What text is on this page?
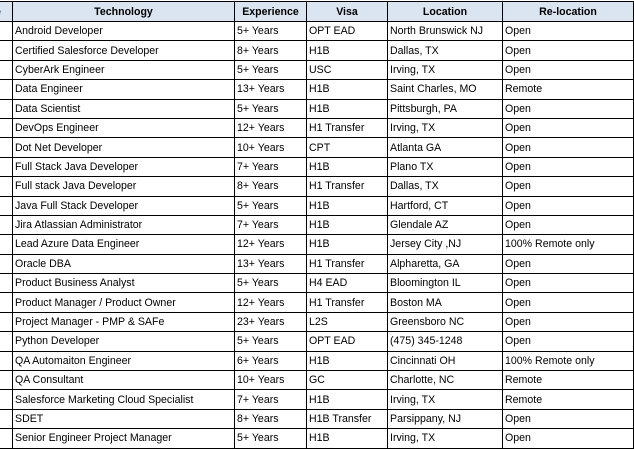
	Technology	Experience	Visa	Location	Re-location
	Android Developer	5+ Years	OPT EAD	North Brunswick NJ	Open
	Certified Salesforce Developer	8+ Years	H1B	Dallas, TX	Open
	CyberArk Engineer	5+ Years	USC	Irving, TX	Open
	Data Engineer	13+ Years	H1B	Saint Charles, MO	Remote
	Data Scientist	5+ Years	H1B	Pittsburgh, PA	Open
	DevOps Engineer	12+ Years	H1 Transfer	Irving, TX	Open
	Dot Net Developer	10+ Years	CPT	Atlanta GA	Open
	Full Stack Java Developer	7+ Years	H1B	Plano TX	Open
	Full stack Java Developer	8+ Years	H1 Transfer	Dallas, TX	Open
	Java Full Stack Developer	5+ Years	H1B	Hartford, CT	Open
	Jira Atlassian Administrator	7+ Years	H1B	Glendale AZ	Open
	Lead Azure Data Engineer	12+ Years	H1B	Jersey City ,NJ	100% Remote only
	Oracle DBA	13+ Years	H1 Transfer	Alpharetta, GA	Open
	Product Business Analyst	5+ Years	H4 EAD	Bloomington IL	Open
	Product Manager / Product Owner	12+ Years	H1 Transfer	Boston MA	Open
	Project Manager - PMP & SAFe	23+ Years	L2S	Greensboro NC	Open
	Python Developer	5+ Years	OPT EAD	(475) 345-1248	Open
	QA Automaiton Engineer	6+ Years	H1B	Cincinnati OH	100% Remote only
	QA Consultant	10+ Years	GC	Charlotte, NC	Remote
	Salesforce Marketing Cloud Specialist	7+ Years	H1B	Irving, TX	Remote
	SDET	8+ Years	H1B Transfer	Parsippany, NJ	Open
	Senior Engineer Project Manager	5+ Years	H1B	Irving, TX	Open
